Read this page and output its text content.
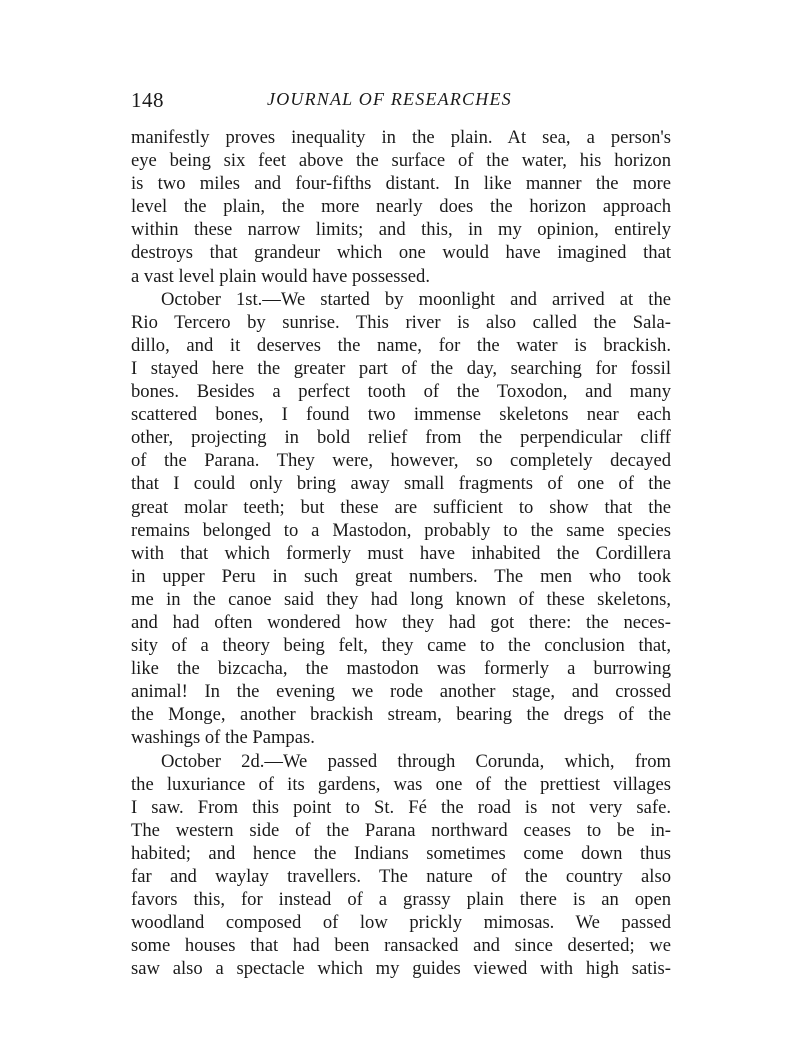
148	JOURNAL OF RESEARCHES
manifestly proves inequality in the plain. At sea, a person's
eye being six feet above the surface of the water, his horizon
is two miles and four-fifths distant. In like manner the more
level the plain, the more nearly does the horizon approach
within these narrow limits; and this, in my opinion, entirely
destroys that grandeur which one would have imagined that
a vast level plain would have possessed.
October 1st.—We started by moonlight and arrived at the
Rio Tercero by sunrise. This river is also called the Sala-
dillo, and it deserves the name, for the water is brackish.
I stayed here the greater part of the day, searching for fossil
bones. Besides a perfect tooth of the Toxodon, and many
scattered bones, I found two immense skeletons near each
other, projecting in bold relief from the perpendicular cliff
of the Parana. They were, however, so completely decayed
that I could only bring away small fragments of one of the
great molar teeth; but these are sufficient to show that the
remains belonged to a Mastodon, probably to the same species
with that which formerly must have inhabited the Cordillera
in upper Peru in such great numbers. The men who took
me in the canoe said they had long known of these skeletons,
and had often wondered how they had got there: the neces-
sity of a theory being felt, they came to the conclusion that,
like the bizcacha, the mastodon was formerly a burrowing
animal! In the evening we rode another stage, and crossed
the Monge, another brackish stream, bearing the dregs of the
washings of the Pampas.
October 2d.—We passed through Corunda, which, from
the luxuriance of its gardens, was one of the prettiest villages
I saw. From this point to St. Fé the road is not very safe.
The western side of the Parana northward ceases to be in-
habited; and hence the Indians sometimes come down thus
far and waylay travellers. The nature of the country also
favors this, for instead of a grassy plain there is an open
woodland composed of low prickly mimosas. We passed
some houses that had been ransacked and since deserted; we
saw also a spectacle which my guides viewed with high satis-
